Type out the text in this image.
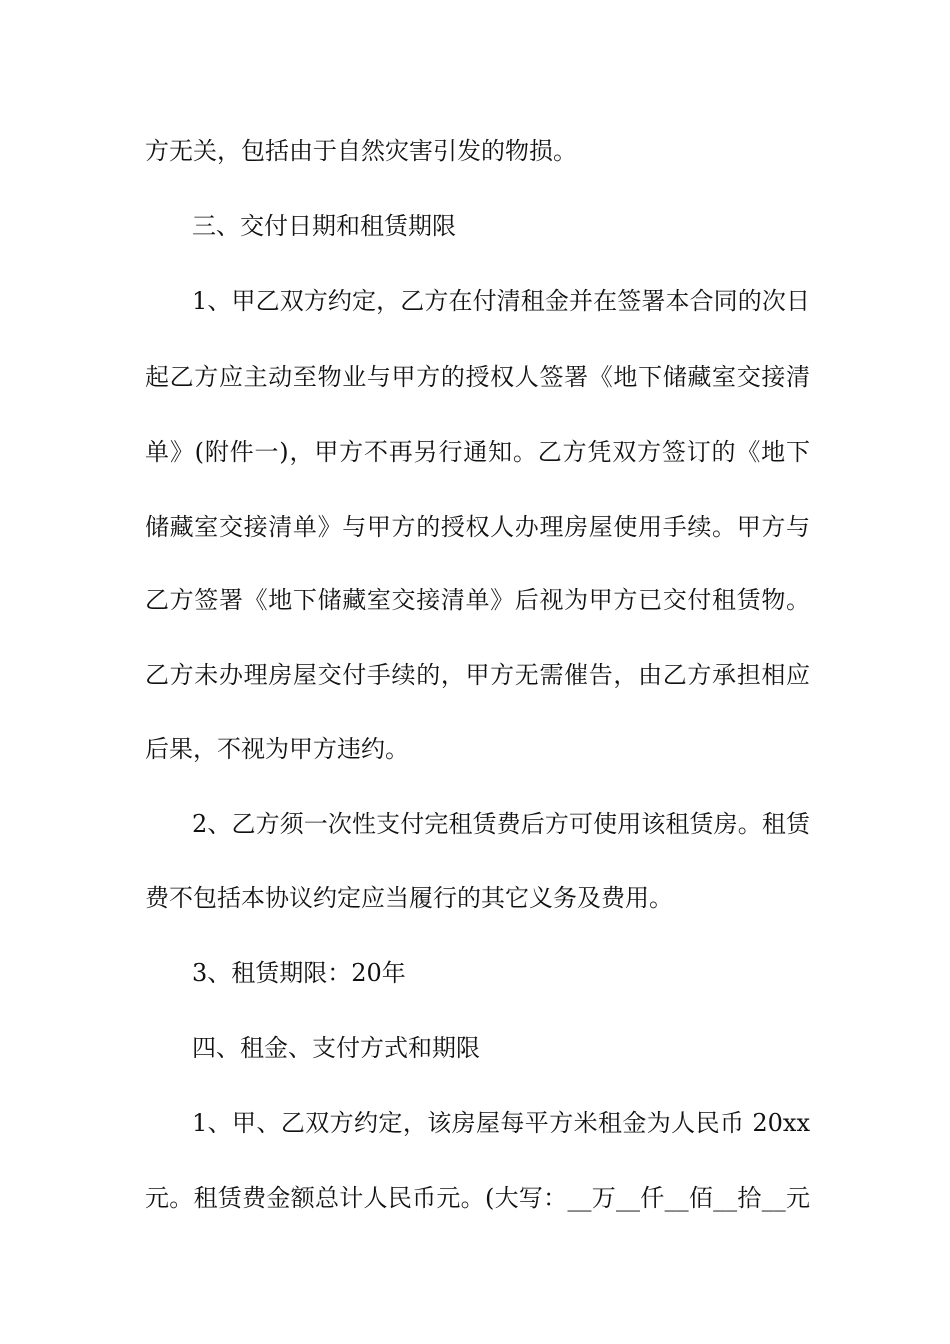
方无关，包括由于自然灾害引发的物损。
三、交付日期和租赁期限
1、甲乙双方约定，乙方在付清租金并在签署本合同的次日
起乙方应主动至物业与甲方的授权人签署《地下储藏室交接清
单》(附件一)，甲方不再另行通知。乙方凭双方签订的《地下
储藏室交接清单》与甲方的授权人办理房屋使用手续。甲方与
乙方签署《地下储藏室交接清单》后视为甲方已交付租赁物。
乙方未办理房屋交付手续的，甲方无需催告，由乙方承担相应
后果，不视为甲方违约。
2、乙方须一次性支付完租赁费后方可使用该租赁房。租赁
费不包括本协议约定应当履行的其它义务及费用。
3、租赁期限：20年
四、租金、支付方式和期限
1、甲、乙双方约定，该房屋每平方米租金为人民币 20xx
元。租赁费金额总计人民币元。(大写：__万__仟__佰__拾__元
